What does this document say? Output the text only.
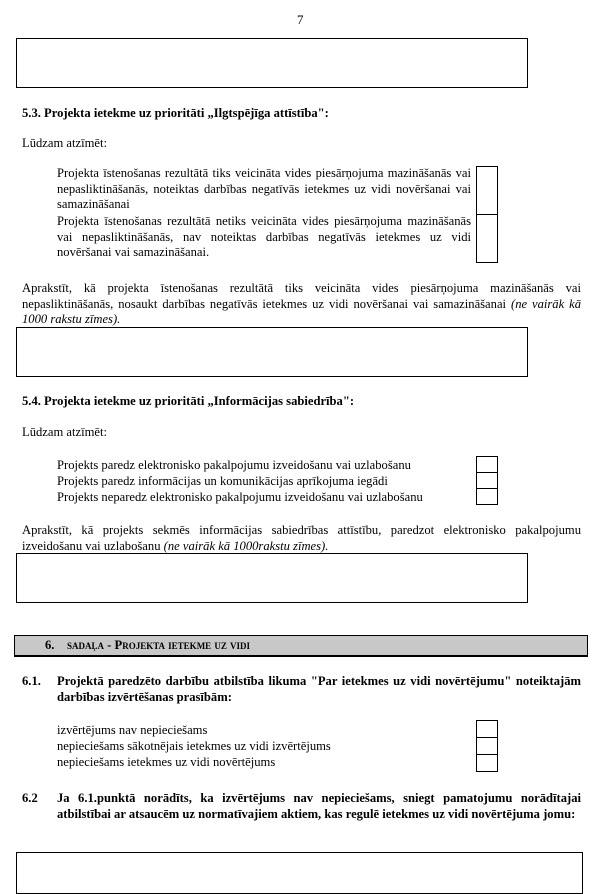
7
5.3. Projekta ietekme uz prioritāti „Ilgtspējīga attīstība":
Lūdzam atzīmēt:
Projekta īstenošanas rezultātā tiks veicināta vides piesārņojuma mazināšanās vai nepasliktināšanās, noteiktas darbības negatīvās ietekmes uz vidi novēršanai vai samazināšanai
Projekta īstenošanas rezultātā netiks veicināta vides piesārņojuma mazināšanās vai nepasliktināšanās, nav noteiktas darbības negatīvās ietekmes uz vidi novēršanai vai samazināšanai.
Aprakstīt, kā projekta īstenošanas rezultātā tiks veicināta vides piesārņojuma mazināšanās vai nepasliktināšanās, nosaukt darbības negatīvās ietekmes uz vidi novēršanai vai samazināšanai (ne vairāk kā 1000 rakstu zīmes).
5.4. Projekta ietekme uz prioritāti „Informācijas sabiedrība":
Lūdzam atzīmēt:
Projekts paredz elektronisko pakalpojumu izveidošanu vai uzlabošanu
Projekts paredz informācijas un komunikācijas aprīkojuma iegādi
Projekts neparedz elektronisko pakalpojumu izveidošanu vai uzlabošanu
Aprakstīt, kā projekts sekmēs informācijas sabiedrības attīstību, paredzot elektronisko pakalpojumu izveidošanu vai uzlabošanu (ne vairāk kā 1000rakstu zīmes).
6. sadaļa - Projekta ietekme uz vidi
6.1. Projektā paredzēto darbību atbilstība likuma "Par ietekmes uz vidi novērtējumu" noteiktajām darbības izvērtēšanas prasībām:
izvērtējums nav nepieciešams
nepieciešams sākotnējais ietekmes uz vidi izvērtējums
nepieciešams ietekmes uz vidi novērtējums
6.2 Ja 6.1.punktā norādīts, ka izvērtējums nav nepieciešams, sniegt pamatojumu norādītajai atbilstībai ar atsaucēm uz normatīvajiem aktiem, kas regulē ietekmes uz vidi novērtējuma jomu:
